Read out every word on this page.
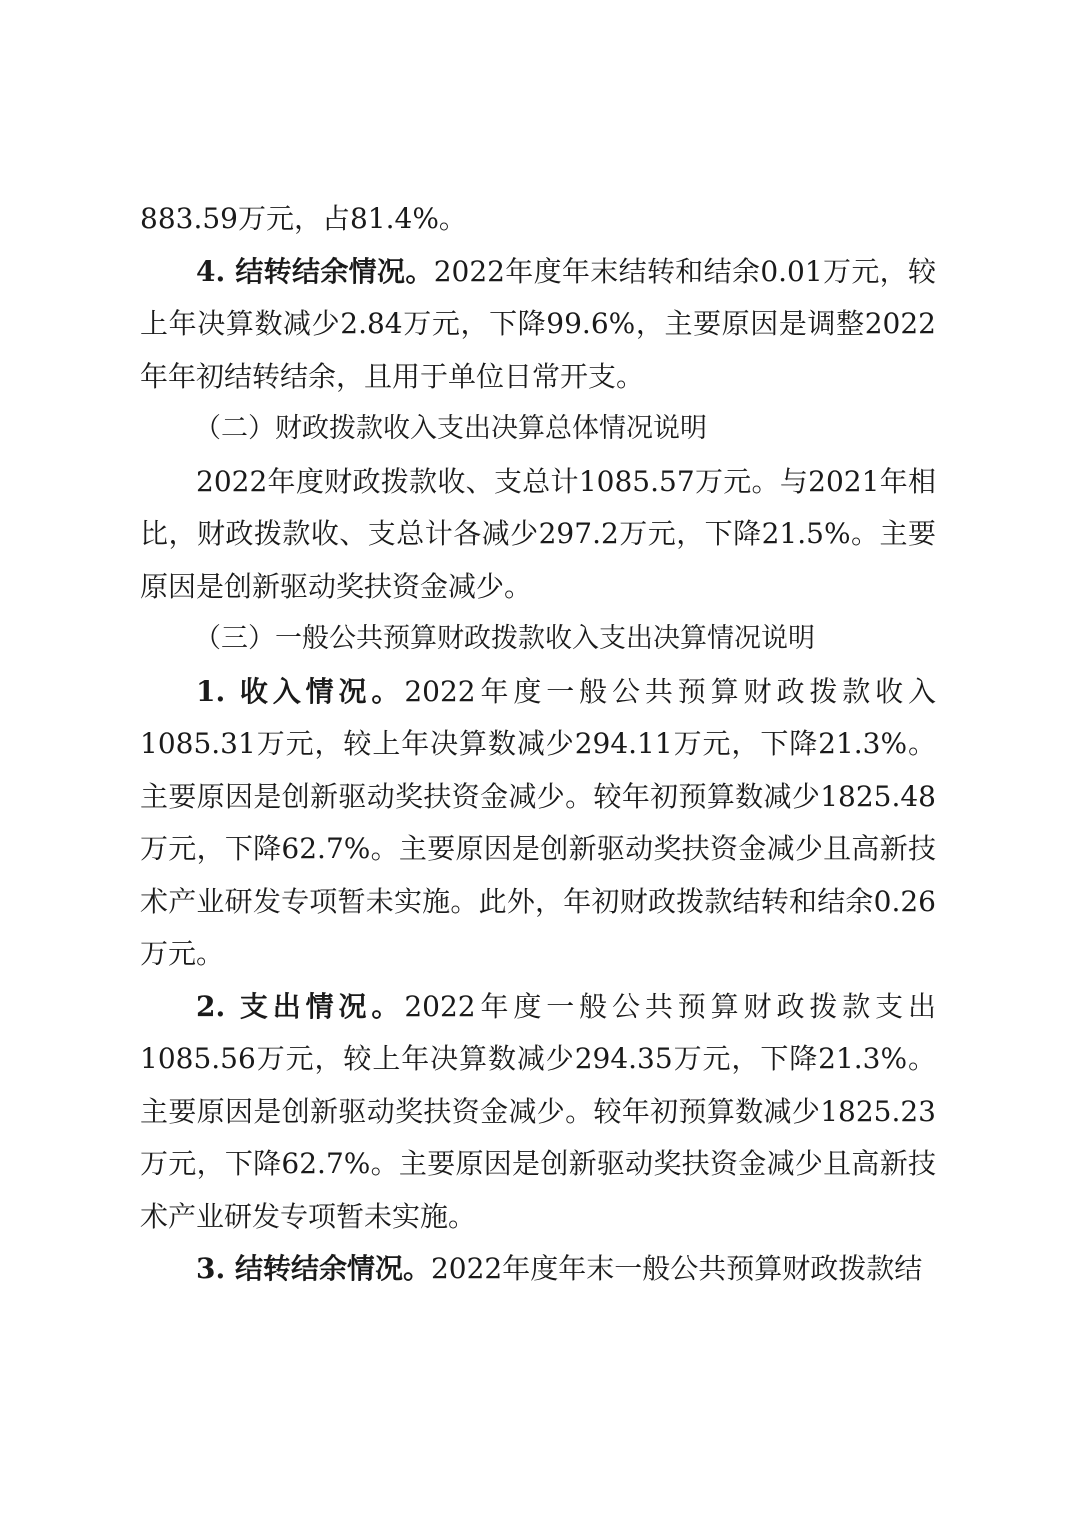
883.59万元，占81.4%。

4. 结转结余情况。2022年度年末结转和结余0.01万元，较上年决算数减少2.84万元，下降99.6%，主要原因是调整2022年年初结转结余，且用于单位日常开支。

（二）财政拨款收入支出决算总体情况说明

2022年度财政拨款收、支总计1085.57万元。与2021年相比，财政拨款收、支总计各减少297.2万元，下降21.5%。主要原因是创新驱动奖扶资金减少。

（三）一般公共预算财政拨款收入支出决算情况说明

1. 收入情况。2022年度一般公共预算财政拨款收入1085.31万元，较上年决算数减少294.11万元，下降21.3%。主要原因是创新驱动奖扶资金减少。较年初预算数减少1825.48万元，下降62.7%。主要原因是创新驱动奖扶资金减少且高新技术产业研发专项暂未实施。此外，年初财政拨款结转和结余0.26万元。

2. 支出情况。2022年度一般公共预算财政拨款支出1085.56万元，较上年决算数减少294.35万元，下降21.3%。主要原因是创新驱动奖扶资金减少。较年初预算数减少1825.23万元，下降62.7%。主要原因是创新驱动奖扶资金减少且高新技术产业研发专项暂未实施。

3. 结转结余情况。2022年度年末一般公共预算财政拨款结
